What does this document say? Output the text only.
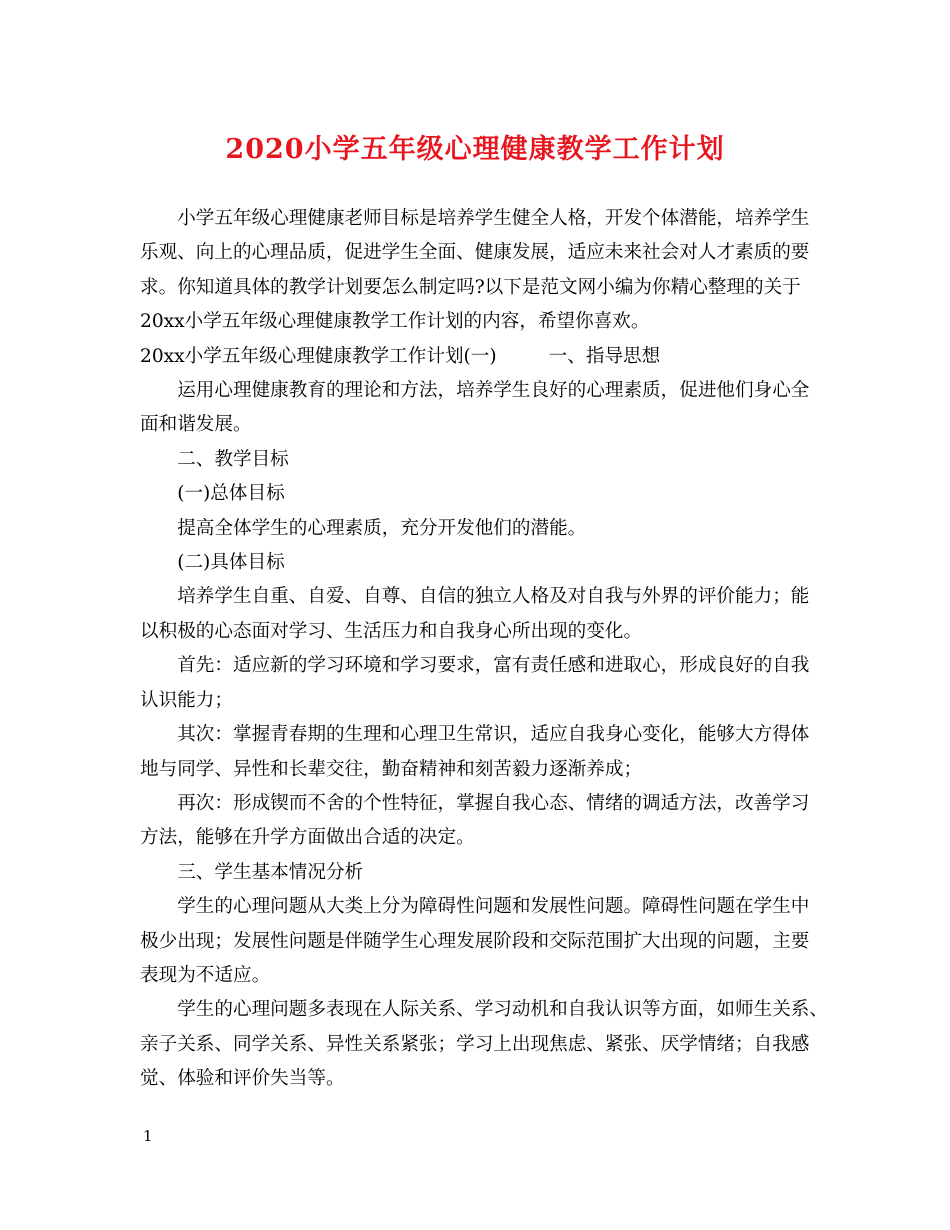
2020小学五年级心理健康教学工作计划

小学五年级心理健康老师目标是培养学生健全人格，开发个体潜能，培养学生

乐观、向上的心理品质，促进学生全面、健康发展，适应未来社会对人才素质的要

求。你知道具体的教学计划要怎么制定吗?以下是范文网小编为你精心整理的关于

20xx小学五年级心理健康教学工作计划的内容，希望你喜欢。

20xx小学五年级心理健康教学工作计划(一)	一、指导思想

运用心理健康教育的理论和方法，培养学生良好的心理素质，促进他们身心全

面和谐发展。

二、教学目标

(一)总体目标

提高全体学生的心理素质，充分开发他们的潜能。

(二)具体目标

培养学生自重、自爱、自尊、自信的独立人格及对自我与外界的评价能力；能

以积极的心态面对学习、生活压力和自我身心所出现的变化。

首先：适应新的学习环境和学习要求，富有责任感和进取心，形成良好的自我

认识能力；

其次：掌握青春期的生理和心理卫生常识，适应自我身心变化，能够大方得体

地与同学、异性和长辈交往，勤奋精神和刻苦毅力逐渐养成；

再次：形成锲而不舍的个性特征，掌握自我心态、情绪的调适方法，改善学习

方法，能够在升学方面做出合适的决定。

三、学生基本情况分析

学生的心理问题从大类上分为障碍性问题和发展性问题。障碍性问题在学生中

极少出现；发展性问题是伴随学生心理发展阶段和交际范围扩大出现的问题，主要

表现为不适应。

学生的心理问题多表现在人际关系、学习动机和自我认识等方面，如师生关系、

亲子关系、同学关系、异性关系紧张；学习上出现焦虑、紧张、厌学情绪；自我感

觉、体验和评价失当等。

1
